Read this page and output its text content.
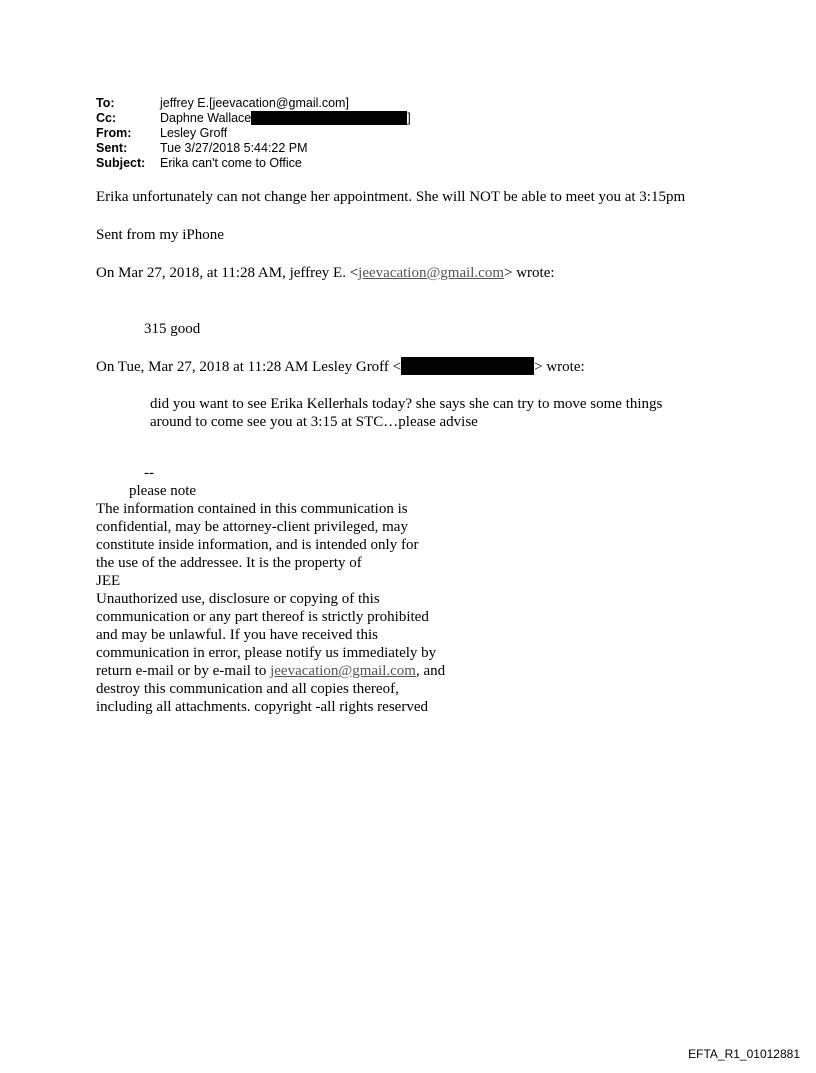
To:	jeffrey E.[jeevacation@gmail.com]
Cc:	Daphne Wallace	]
From:	Lesley Groff
Sent:	Tue 3/27/2018 5:44:22 PM
Subject:	Erika can't come to Office

Erika unfortunately can not change her appointment. She will NOT be able to meet you at 3:15pm

Sent from my iPhone

On Mar 27, 2018, at 11:28 AM, jeffrey E. <jeevacation@gmail.com> wrote:

315 good

On Tue, Mar 27, 2018 at 11:28 AM Lesley Groff <	> wrote:

did you want to see Erika Kellerhals today? she says she can try to move some things around to come see you at 3:15 at STC…please advise

--
please note
The information contained in this communication is
confidential, may be attorney-client privileged, may
constitute inside information, and is intended only for
the use of the addressee. It is the property of
JEE
Unauthorized use, disclosure or copying of this
communication or any part thereof is strictly prohibited
and may be unlawful. If you have received this
communication in error, please notify us immediately by
return e-mail or by e-mail to jeevacation@gmail.com, and
destroy this communication and all copies thereof,
including all attachments. copyright -all rights reserved
EFTA_R1_01012881
